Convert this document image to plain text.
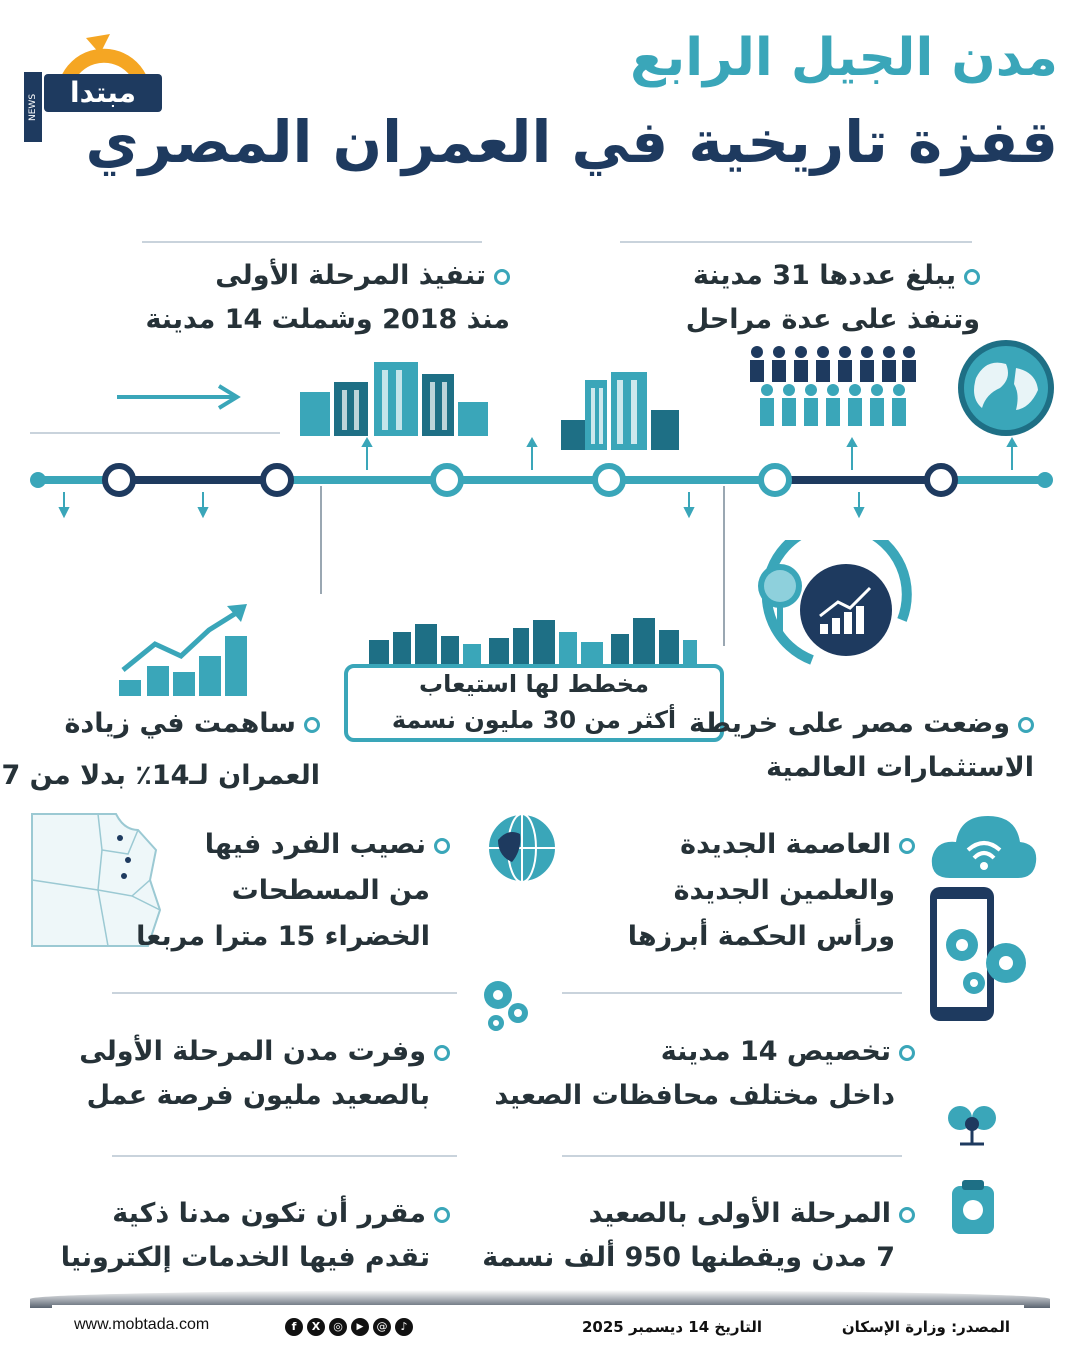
NEWS	مبتدا
مدن الجيل الرابع
قفزة تاريخية في العمران المصري
يبلغ عددها 31 مدينة
وتنفذ على عدة مراحل
تنفيذ المرحلة الأولى
منذ 2018 وشملت 14 مدينة
مخطط لها استيعاب
أكثر من 30 مليون نسمة
ساهمت في زيادة
العمران لـ14٪ بدلا من 7
وضعت مصر على خريطة
الاستثمارات العالمية
نصيب الفرد فيها
من المسطحات
الخضراء 15 مترا مربعا
العاصمة الجديدة
والعلمين الجديدة
ورأس الحكمة أبرزها
وفرت مدن المرحلة الأولى
بالصعيد مليون فرصة عمل
تخصيص 14 مدينة
داخل مختلف محافظات الصعيد
مقرر أن تكون مدنا ذكية
تقدم فيها الخدمات إلكترونيا
المرحلة الأولى بالصعيد
7 مدن ويقطنها 950 ألف نسمة
المصدر: وزارة الإسكان
التاريخ 14 ديسمبر 2025
www.mobtada.com	f	X	◎	▶	@	♪
